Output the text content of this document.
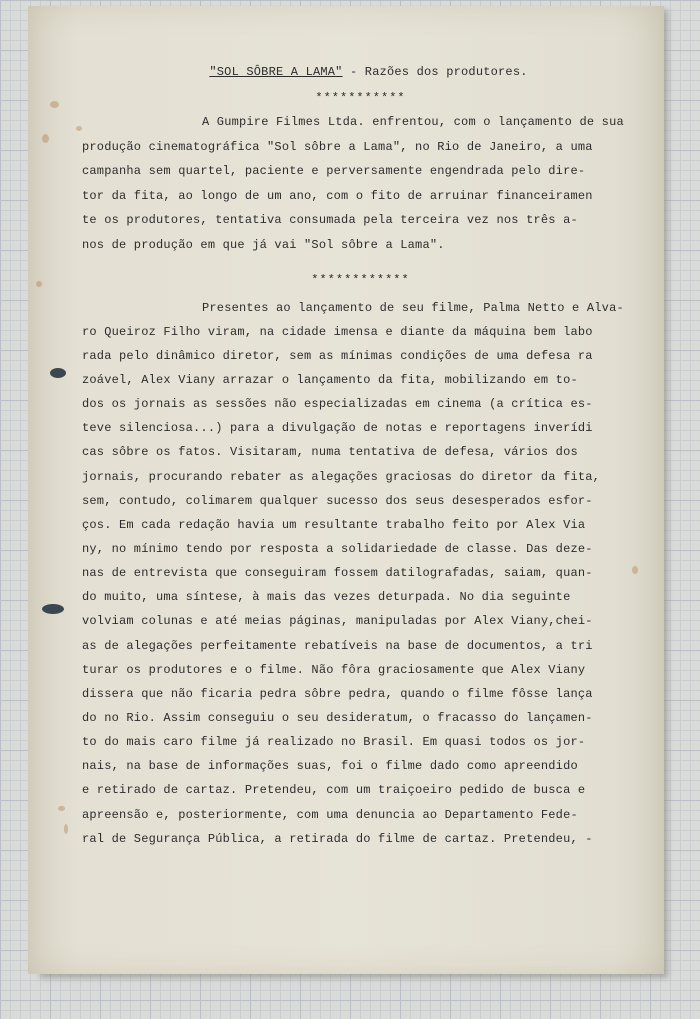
"SOL SÔBRE A LAMA" - Razões dos produtores.
***********
A Gumpire Filmes Ltda. enfrentou, com o lançamento de sua
produção cinematográfica "Sol sôbre a Lama", no Rio de Janeiro, a uma
campanha sem quartel, paciente e perversamente engendrada pelo dire-
tor da fita, ao longo de um ano, com o fito de arruinar financeiramen
te os produtores, tentativa consumada pela terceira vez nos três a-
nos de produção em que já vai "Sol sôbre a Lama".
************
Presentes ao lançamento de seu filme, Palma Netto e Alva-
ro Queiroz Filho viram, na cidade imensa e diante da máquina bem labo
rada pelo dinâmico diretor, sem as mínimas condições de uma defesa ra
zoável, Alex Viany arrazar o lançamento da fita, mobilizando em to-
dos os jornais as sessões não especializadas em cinema (a crítica es-
teve silenciosa...) para a divulgação de notas e reportagens inverídi
cas sôbre os fatos. Visitaram, numa tentativa de defesa, vários dos
jornais, procurando rebater as alegações graciosas do diretor da fita,
sem, contudo, colimarem qualquer sucesso dos seus desesperados esfor-
ços. Em cada redação havia um resultante trabalho feito por Alex Via
ny, no mínimo tendo por resposta a solidariedade de classe. Das deze-
nas de entrevista que conseguiram fossem datilografadas, saiam, quan-
do muito, uma síntese, à mais das vezes deturpada. No dia seguinte
volviam colunas e até meias páginas, manipuladas por Alex Viany,chei-
as de alegações perfeitamente rebatíveis na base de documentos, a tri
turar os produtores e o filme. Não fôra graciosamente que Alex Viany
dissera que não ficaria pedra sôbre pedra, quando o filme fôsse lança
do no Rio. Assim conseguiu o seu desideratum, o fracasso do lançamen-
to do mais caro filme já realizado no Brasil. Em quasi todos os jor-
nais, na base de informações suas, foi o filme dado como apreendido
e retirado de cartaz. Pretendeu, com um traiçoeiro pedido de busca e
apreensão e, posteriormente, com uma denuncia ao Departamento Fede-
ral de Segurança Pública, a retirada do filme de cartaz. Pretendeu, -
